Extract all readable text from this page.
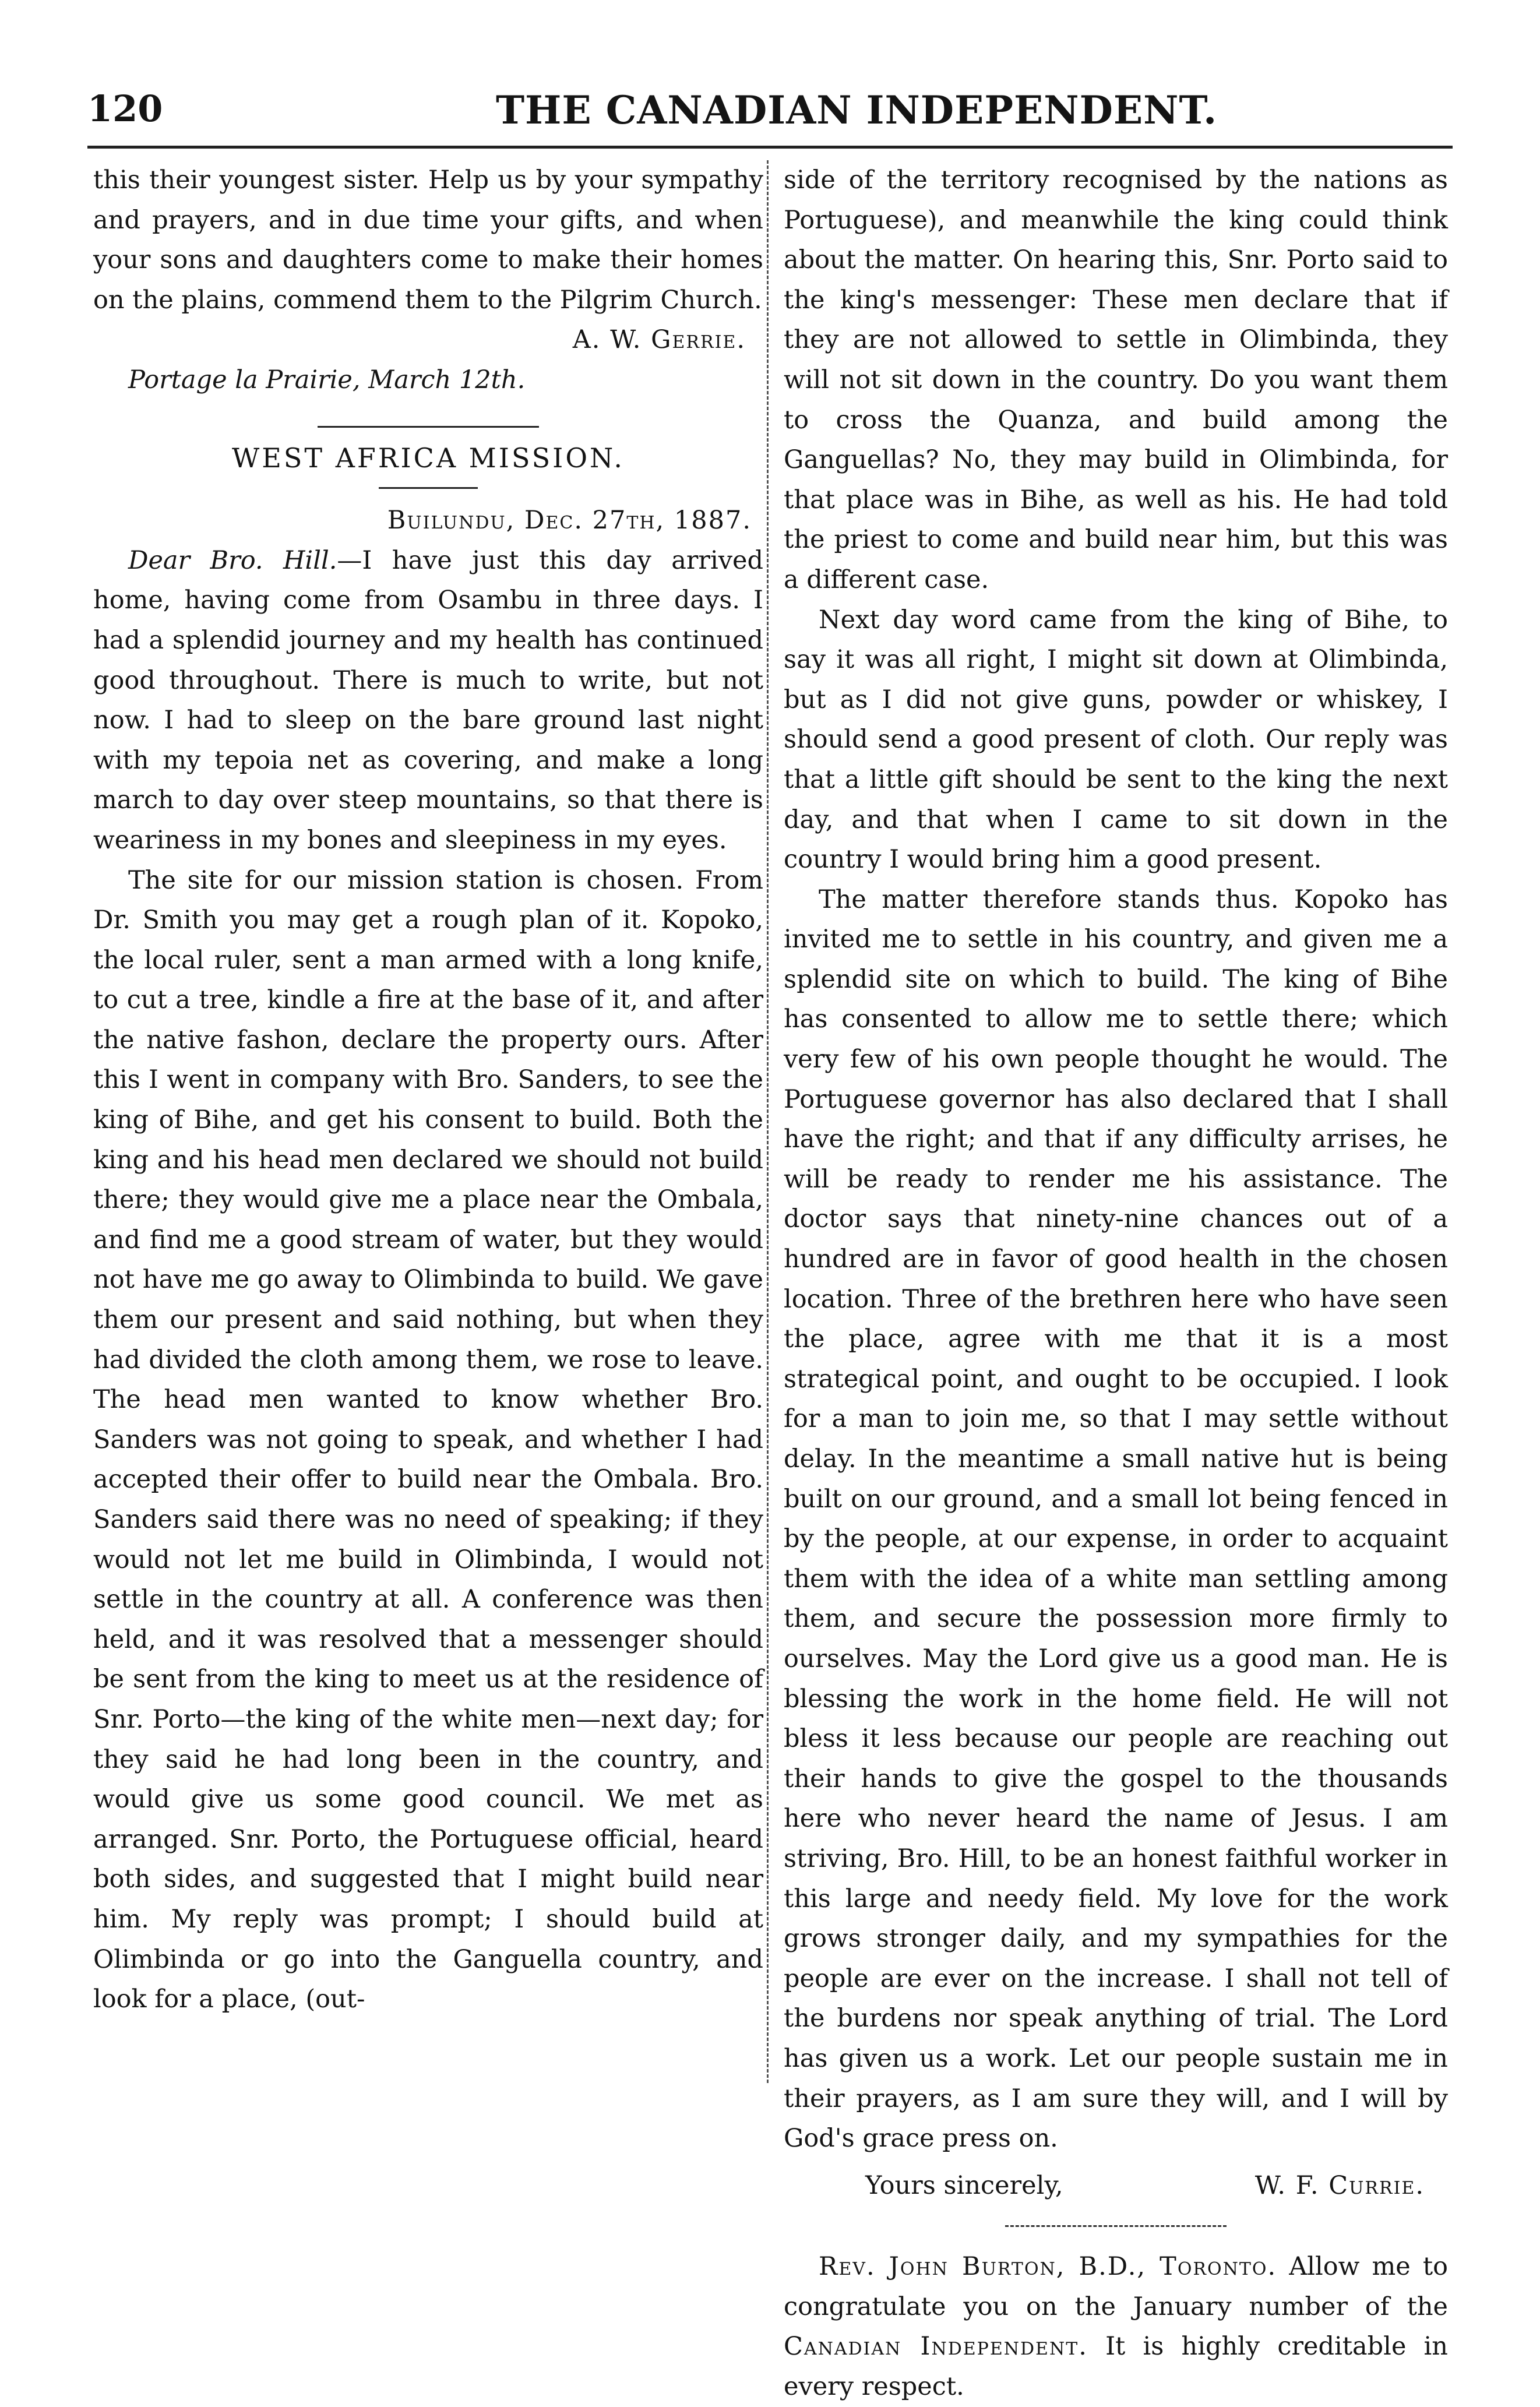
120	THE CANADIAN INDEPENDENT.

this their youngest sister. Help us by your sympathy and prayers, and in due time your gifts, and when your sons and daughters come to make their homes on the plains, commend them to the Pilgrim Church.

A. W. Gerrie.

Portage la Prairie, March 12th.

WEST AFRICA MISSION.

Builundu, Dec. 27th, 1887.

Dear Bro. Hill.—I have just this day arrived home, having come from Osambu in three days. I had a splendid journey and my health has continued good throughout. There is much to write, but not now. I had to sleep on the bare ground last night with my tepoia net as covering, and make a long march to day over steep mountains, so that there is weariness in my bones and sleepiness in my eyes.

The site for our mission station is chosen. From Dr. Smith you may get a rough plan of it. Kopoko, the local ruler, sent a man armed with a long knife, to cut a tree, kindle a fire at the base of it, and after the native fashon, declare the property ours. After this I went in company with Bro. Sanders, to see the king of Bihe, and get his consent to build. Both the king and his head men declared we should not build there; they would give me a place near the Ombala, and find me a good stream of water, but they would not have me go away to Olimbinda to build. We gave them our present and said nothing, but when they had divided the cloth among them, we rose to leave. The head men wanted to know whether Bro. Sanders was not going to speak, and whether I had accepted their offer to build near the Ombala. Bro. Sanders said there was no need of speaking; if they would not let me build in Olimbinda, I would not settle in the country at all. A conference was then held, and it was resolved that a messenger should be sent from the king to meet us at the residence of Snr. Porto—the king of the white men—next day; for they said he had long been in the country, and would give us some good council. We met as arranged. Snr. Porto, the Portuguese official, heard both sides, and suggested that I might build near him. My reply was prompt; I should build at Olimbinda or go into the Ganguella country, and look for a place, (out-

side of the territory recognised by the nations as Portuguese), and meanwhile the king could think about the matter. On hearing this, Snr. Porto said to the king's messenger: These men declare that if they are not allowed to settle in Olimbinda, they will not sit down in the country. Do you want them to cross the Quanza, and build among the Ganguellas? No, they may build in Olimbinda, for that place was in Bihe, as well as his. He had told the priest to come and build near him, but this was a different case.

Next day word came from the king of Bihe, to say it was all right, I might sit down at Olimbinda, but as I did not give guns, powder or whiskey, I should send a good present of cloth. Our reply was that a little gift should be sent to the king the next day, and that when I came to sit down in the country I would bring him a good present.

The matter therefore stands thus. Kopoko has invited me to settle in his country, and given me a splendid site on which to build. The king of Bihe has consented to allow me to settle there; which very few of his own people thought he would. The Portuguese governor has also declared that I shall have the right; and that if any difficulty arrises, he will be ready to render me his assistance. The doctor says that ninety-nine chances out of a hundred are in favor of good health in the chosen location. Three of the brethren here who have seen the place, agree with me that it is a most strategical point, and ought to be occupied. I look for a man to join me, so that I may settle without delay. In the meantime a small native hut is being built on our ground, and a small lot being fenced in by the people, at our expense, in order to acquaint them with the idea of a white man settling among them, and secure the possession more firmly to ourselves. May the Lord give us a good man. He is blessing the work in the home field. He will not bless it less because our people are reaching out their hands to give the gospel to the thousands here who never heard the name of Jesus. I am striving, Bro. Hill, to be an honest faithful worker in this large and needy field. My love for the work grows stronger daily, and my sympathies for the people are ever on the increase. I shall not tell of the burdens nor speak anything of trial. The Lord has given us a work. Let our people sustain me in their prayers, as I am sure they will, and I will by God's grace press on.

Yours sincerely,	W. F. Currie.

Rev. John Burton, B.D., Toronto. Allow me to congratulate you on the January number of the Canadian Independent. It is highly creditable in every respect.
